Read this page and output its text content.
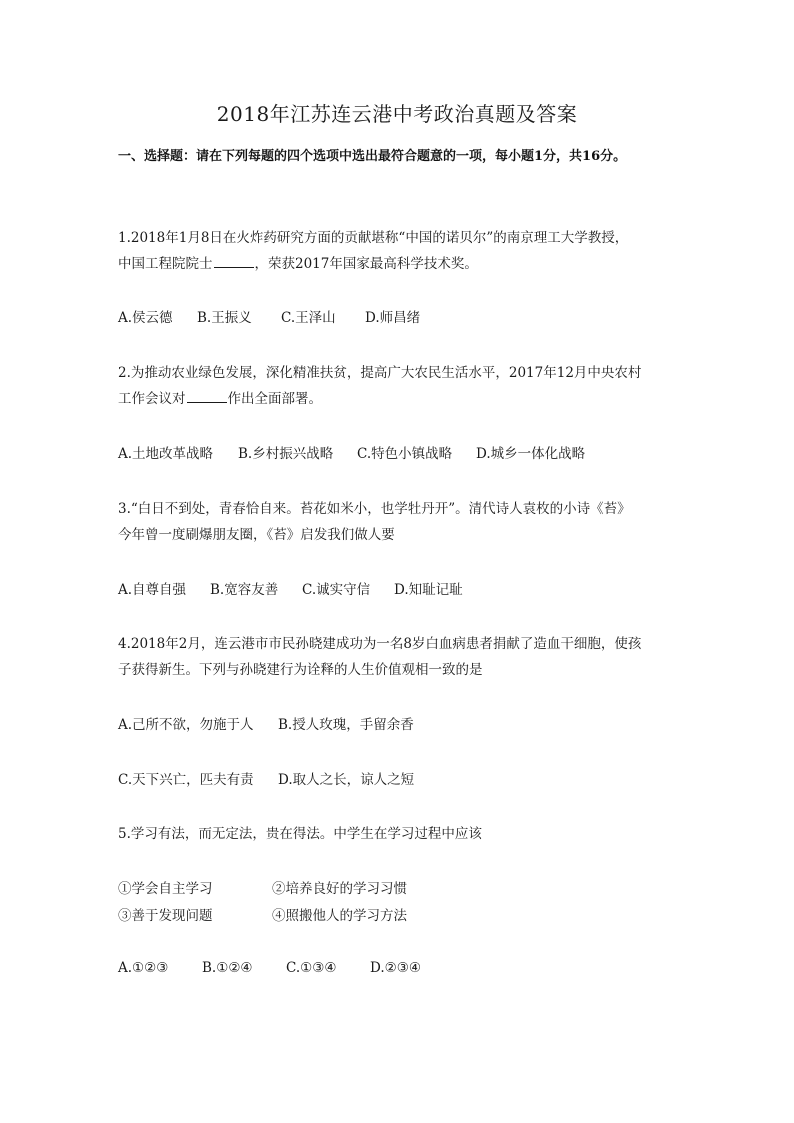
2018年江苏连云港中考政治真题及答案
一、选择题：请在下列每题的四个选项中选出最符合题意的一项，每小题1分，共16分。
1.2018年1月8日在火炸药研究方面的贡献堪称“中国的诺贝尔”的南京理工大学教授，
中国工程院院士	，荣获2017年国家最高科学技术奖。
A.侯云德 B.王振义 C.王泽山 D.师昌绪
2.为推动农业绿色发展，深化精准扶贫，提高广大农民生活水平，2017年12月中央农村
工作会议对	作出全面部署。
A.土地改革战略 B.乡村振兴战略 C.特色小镇战略 D.城乡一体化战略
3.“白日不到处，青春恰自来。苔花如米小，也学牡丹开”。清代诗人袁枚的小诗《苔》
今年曾一度刷爆朋友圈，《苔》启发我们做人要
A.自尊自强 B.宽容友善 C.诚实守信 D.知耻记耻
4.2018年2月，连云港市市民孙晓建成功为一名8岁白血病患者捐献了造血干细胞，使孩
子获得新生。下列与孙晓建行为诠释的人生价值观相一致的是
A.己所不欲，勿施于人 B.授人玫瑰，手留余香
C.天下兴亡，匹夫有责 D.取人之长，谅人之短
5.学习有法，而无定法，贵在得法。中学生在学习过程中应该
①学会自主学习	②培养良好的学习习惯
③善于发现问题	④照搬他人的学习方法
A.①②③ B.①②④ C.①③④ D.②③④
